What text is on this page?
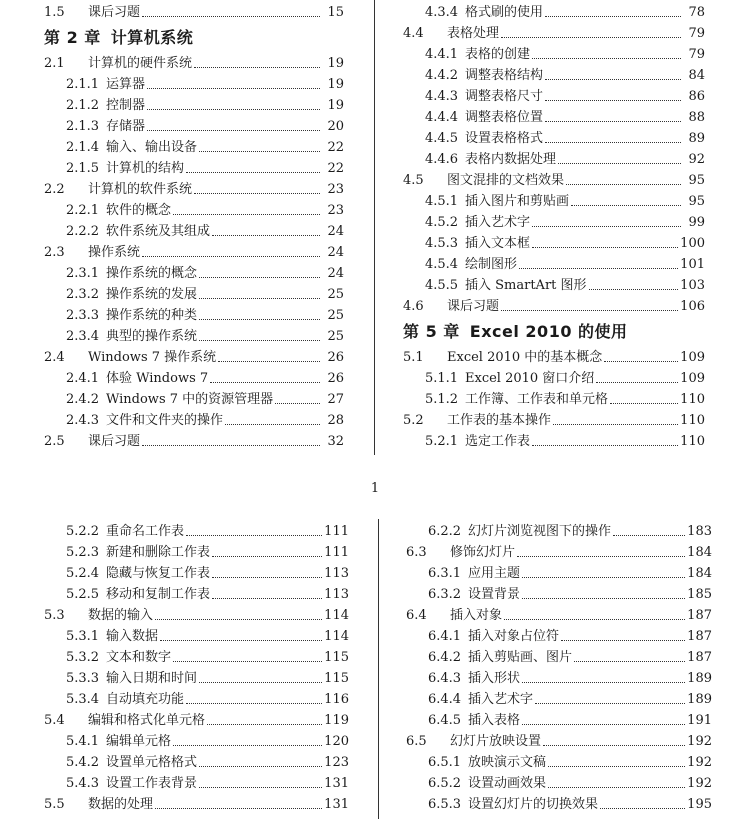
1.5	课后习题	15
第 2 章 计算机系统
2.1	计算机的硬件系统	19
2.1.1 运算器	19
2.1.2 控制器	19
2.1.3 存储器	20
2.1.4 输入、输出设备	22
2.1.5 计算机的结构	22
2.2	计算机的软件系统	23
2.2.1 软件的概念	23
2.2.2 软件系统及其组成	24
2.3	操作系统	24
2.3.1 操作系统的概念	24
2.3.2 操作系统的发展	25
2.3.3 操作系统的种类	25
2.3.4 典型的操作系统	25
2.4	Windows 7 操作系统	26
2.4.1 体验 Windows 7	26
2.4.2 Windows 7 中的资源管理器	27
2.4.3 文件和文件夹的操作	28
2.5	课后习题	32
4.3.4 格式刷的使用	78
4.4	表格处理	79
4.4.1 表格的创建	79
4.4.2 调整表格结构	84
4.4.3 调整表格尺寸	86
4.4.4 调整表格位置	88
4.4.5 设置表格格式	89
4.4.6 表格内数据处理	92
4.5	图文混排的文档效果	95
4.5.1 插入图片和剪贴画	95
4.5.2 插入艺术字	99
4.5.3 插入文本框	100
4.5.4 绘制图形	101
4.5.5 插入 SmartArt 图形	103
4.6	课后习题	106
第 5 章 Excel 2010 的使用
5.1	Excel 2010 中的基本概念	109
5.1.1 Excel 2010 窗口介绍	109
5.1.2 工作簿、工作表和单元格	110
5.2	工作表的基本操作	110
5.2.1 选定工作表	110
1
5.2.2 重命名工作表	111
5.2.3 新建和删除工作表	111
5.2.4 隐藏与恢复工作表	113
5.2.5 移动和复制工作表	113
5.3	数据的输入	114
5.3.1 输入数据	114
5.3.2 文本和数字	115
5.3.3 输入日期和时间	115
5.3.4 自动填充功能	116
5.4	编辑和格式化单元格	119
5.4.1 编辑单元格	120
5.4.2 设置单元格格式	123
5.4.3 设置工作表背景	131
5.5	数据的处理	131
6.2.2 幻灯片浏览视图下的操作	183
6.3	修饰幻灯片	184
6.3.1 应用主题	184
6.3.2 设置背景	185
6.4	插入对象	187
6.4.1 插入对象占位符	187
6.4.2 插入剪贴画、图片	187
6.4.3 插入形状	189
6.4.4 插入艺术字	189
6.4.5 插入表格	191
6.5	幻灯片放映设置	192
6.5.1 放映演示文稿	192
6.5.2 设置动画效果	192
6.5.3 设置幻灯片的切换效果	195
